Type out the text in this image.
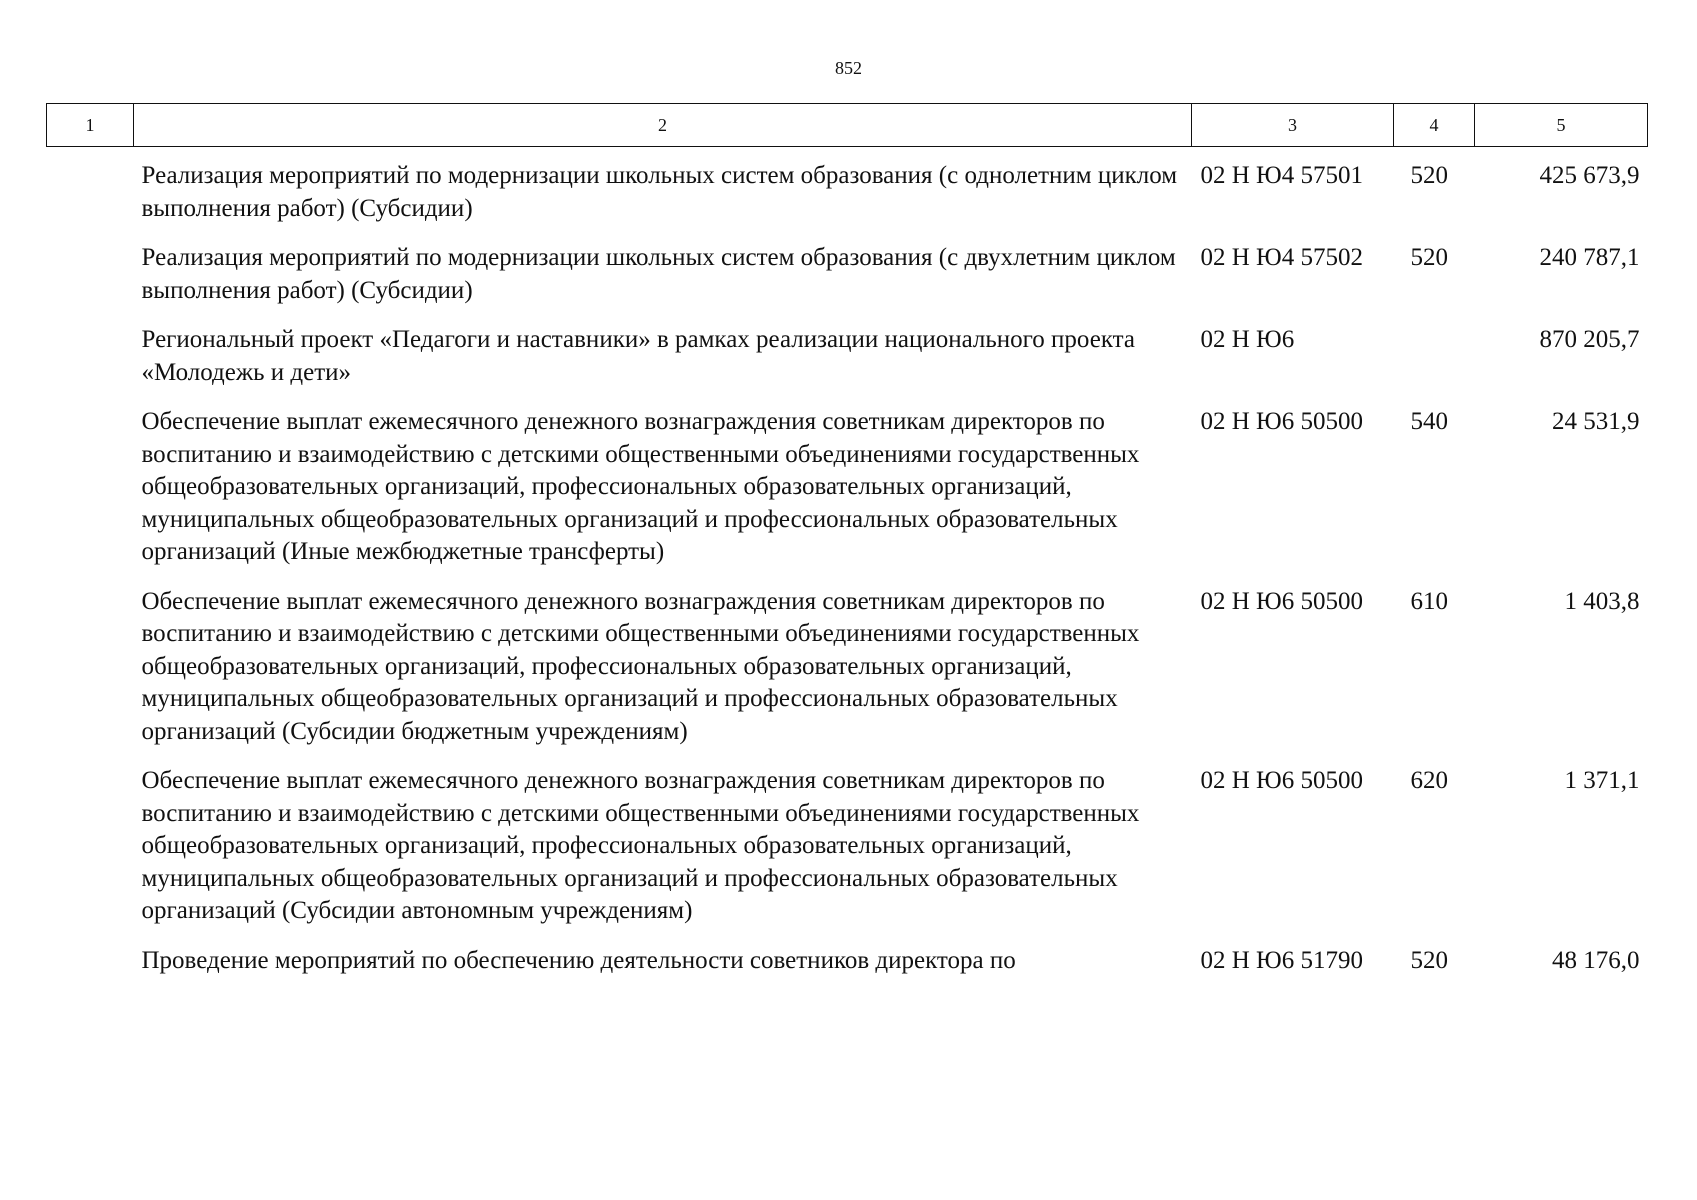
852
1	2	3	4	5
	Реализация мероприятий по модернизации школьных систем образования (с однолетним циклом выполнения работ) (Субсидии)	02 Н Ю4 57501	520	425 673,9
	Реализация мероприятий по модернизации школьных систем образования (с двухлетним циклом выполнения работ) (Субсидии)	02 Н Ю4 57502	520	240 787,1
	Региональный проект «Педагоги и наставники» в рамках реализации национального проекта «Молодежь и дети»	02 Н Ю6		870 205,7
	Обеспечение выплат ежемесячного денежного вознаграждения советникам директоров по воспитанию и взаимодействию с детскими общественными объединениями государственных общеобразовательных организаций, профессиональных образовательных организаций, муниципальных общеобразовательных организаций и профессиональных образовательных организаций (Иные межбюджетные трансферты)	02 Н Ю6 50500	540	24 531,9
	Обеспечение выплат ежемесячного денежного вознаграждения советникам директоров по воспитанию и взаимодействию с детскими общественными объединениями государственных общеобразовательных организаций, профессиональных образовательных организаций, муниципальных общеобразовательных организаций и профессиональных образовательных организаций (Субсидии бюджетным учреждениям)	02 Н Ю6 50500	610	1 403,8
	Обеспечение выплат ежемесячного денежного вознаграждения советникам директоров по воспитанию и взаимодействию с детскими общественными объединениями государственных общеобразовательных организаций, профессиональных образовательных организаций, муниципальных общеобразовательных организаций и профессиональных образовательных организаций (Субсидии автономным учреждениям)	02 Н Ю6 50500	620	1 371,1
	Проведение мероприятий по обеспечению деятельности советников директора по	02 Н Ю6 51790	520	48 176,0
